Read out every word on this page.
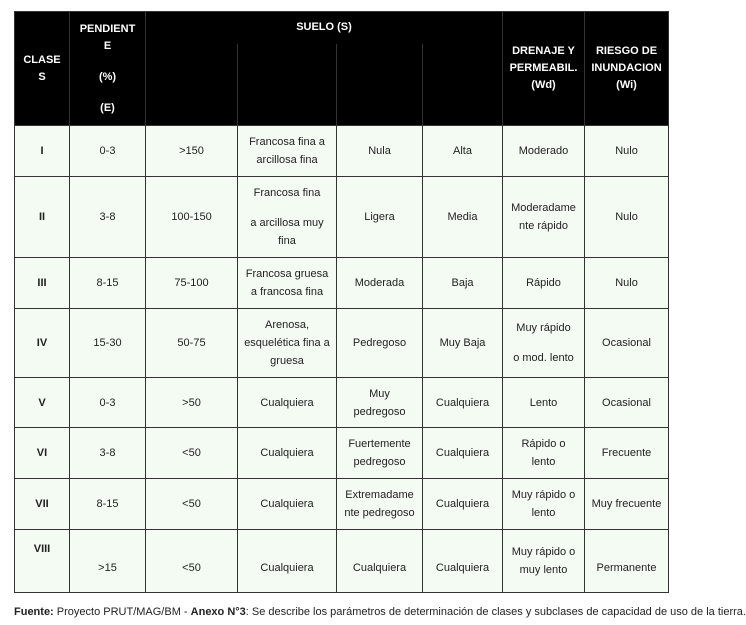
CLASE
S	PENDIENT
E

(%)

(E)	SUELO (S)				DRENAJE Y
PERMEABIL.
(Wd)	RIESGO DE
INUNDACION
(Wi)

I	0-3	>150	Francosa fina a
arcillosa fina	Nula	Alta	Moderado	Nulo
II	3-8	100-150	Francosa fina

a arcillosa muy
fina	Ligera	Media	Moderadame
nte rápido	Nulo
III	8-15	75-100	Francosa gruesa
a francosa fina	Moderada	Baja	Rápido	Nulo
IV	15-30	50-75	Arenosa,
esquelética fina a
gruesa	Pedregoso	Muy Baja	Muy rápido

o mod. lento	Ocasional
V	0-3	>50	Cualquiera	Muy
pedregoso	Cualquiera	Lento	Ocasional
VI	3-8	<50	Cualquiera	Fuertemente
pedregoso	Cualquiera	Rápido o
lento	Frecuente
VII	8-15	<50	Cualquiera	Extremadame
nte pedregoso	Cualquiera	Muy rápido o
lento	Muy frecuente
VIII	>15	<50	Cualquiera	Cualquiera	Cualquiera	Muy rápido o
muy lento	Permanente
Fuente: Proyecto PRUT/MAG/BM - Anexo N°3: Se describe los parámetros de determinación de clases y subclases de capacidad de uso de la tierra.
